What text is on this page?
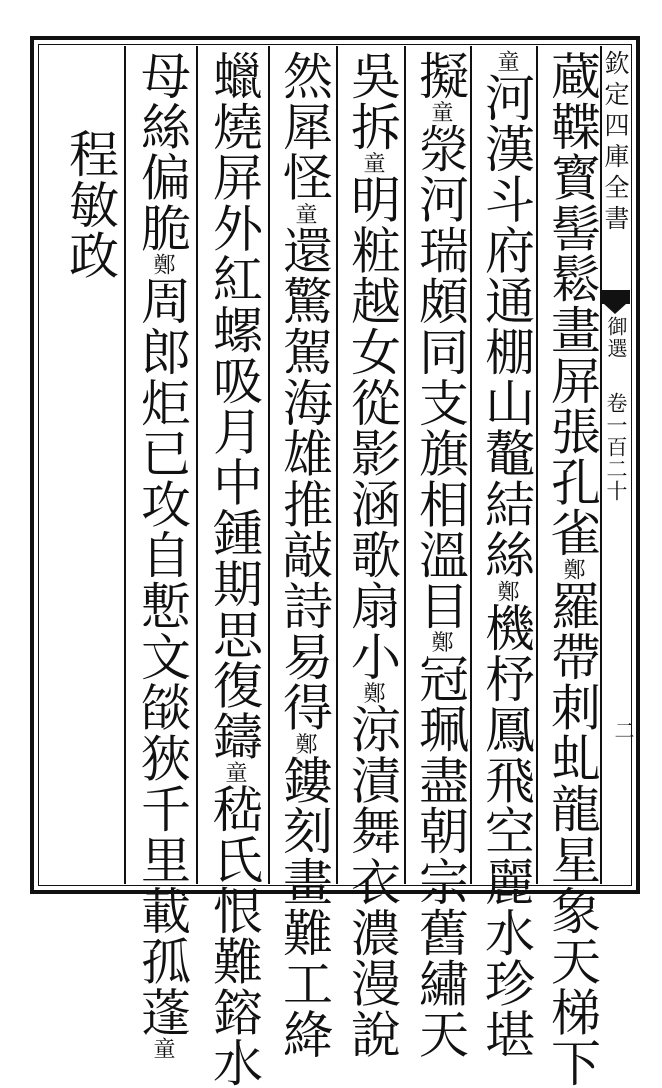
欽定四庫全書
御選
卷一百二十
二
蔵鞢寳髻鬆畫屏張孔雀鄭羅帶刺虬龍星象天梯下
童河漢斗府通棚山鼇結絲鄭機杼鳳飛空麗水珍堪
擬童滎河瑞頗同支旗相溫目鄭冠珮盡朝宗舊繡天
吳拆童明粧越女從影涵歌扇小鄭涼漬舞衣濃漫說
然犀怪童還驚駕海雄推敲詩易得鄭鏤刻畫難工絳
蠟燒屏外紅螺吸月中鍾期思復鑄童嵇氏恨難鎔水
母絲偏脆鄭周郎炬已攻自慙文燄狹千里載孤蓬童
程敏政
